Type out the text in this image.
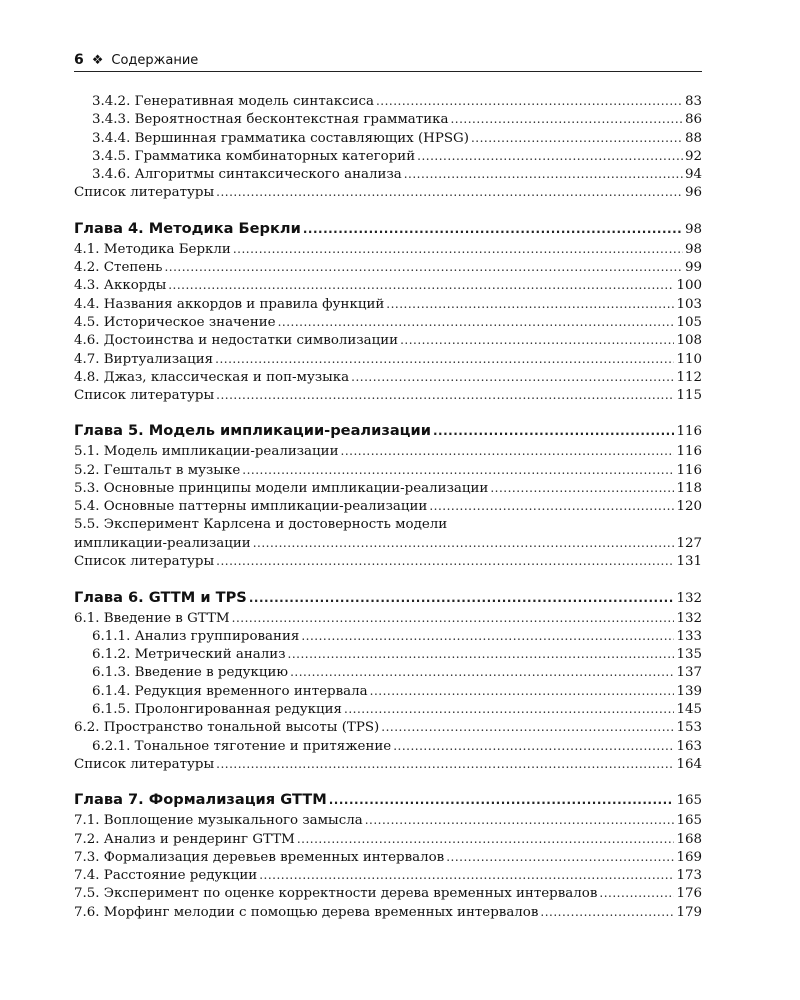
6 ❖ Содержание
3.4.2. Генеративная модель синтаксиса .....	83
3.4.3. Вероятностная бесконтекстная грамматика .....	86
3.4.4. Вершинная грамматика составляющих (HPSG) .....	88
3.4.5. Грамматика комбинаторных категорий .....	92
3.4.6. Алгоритмы синтаксического анализа .....	94
Список литературы .....	96
Глава 4. Методика Беркли .....	98
4.1. Методика Беркли .....	98
4.2. Степень .....	99
4.3. Аккорды .....	100
4.4. Названия аккордов и правила функций .....	103
4.5. Историческое значение .....	105
4.6. Достоинства и недостатки символизации .....	108
4.7. Виртуализация .....	110
4.8. Джаз, классическая и поп-музыка .....	112
Список литературы .....	115
Глава 5. Модель импликации-реализации .....	116
5.1. Модель импликации-реализации .....	116
5.2. Гештальт в музыке .....	116
5.3. Основные принципы модели импликации-реализации .....	118
5.4. Основные паттерны импликации-реализации .....	120
5.5. Эксперимент Карлсена и достоверность модели
импликации-реализации .....	127
Список литературы .....	131
Глава 6. GTTM и TPS .....	132
6.1. Введение в GTTM .....	132
6.1.1. Анализ группирования .....	133
6.1.2. Метрический анализ .....	135
6.1.3. Введение в редукцию .....	137
6.1.4. Редукция временного интервала .....	139
6.1.5. Пролонгированная редукция .....	145
6.2. Пространство тональной высоты (TPS) .....	153
6.2.1. Тональное тяготение и притяжение .....	163
Список литературы .....	164
Глава 7. Формализация GTTM .....	165
7.1. Воплощение музыкального замысла .....	165
7.2. Анализ и рендеринг GTTM .....	168
7.3. Формализация деревьев временных интервалов .....	169
7.4. Расстояние редукции .....	173
7.5. Эксперимент по оценке корректности дерева временных интервалов .....	176
7.6. Морфинг мелодии с помощью дерева временных интервалов .....	179
